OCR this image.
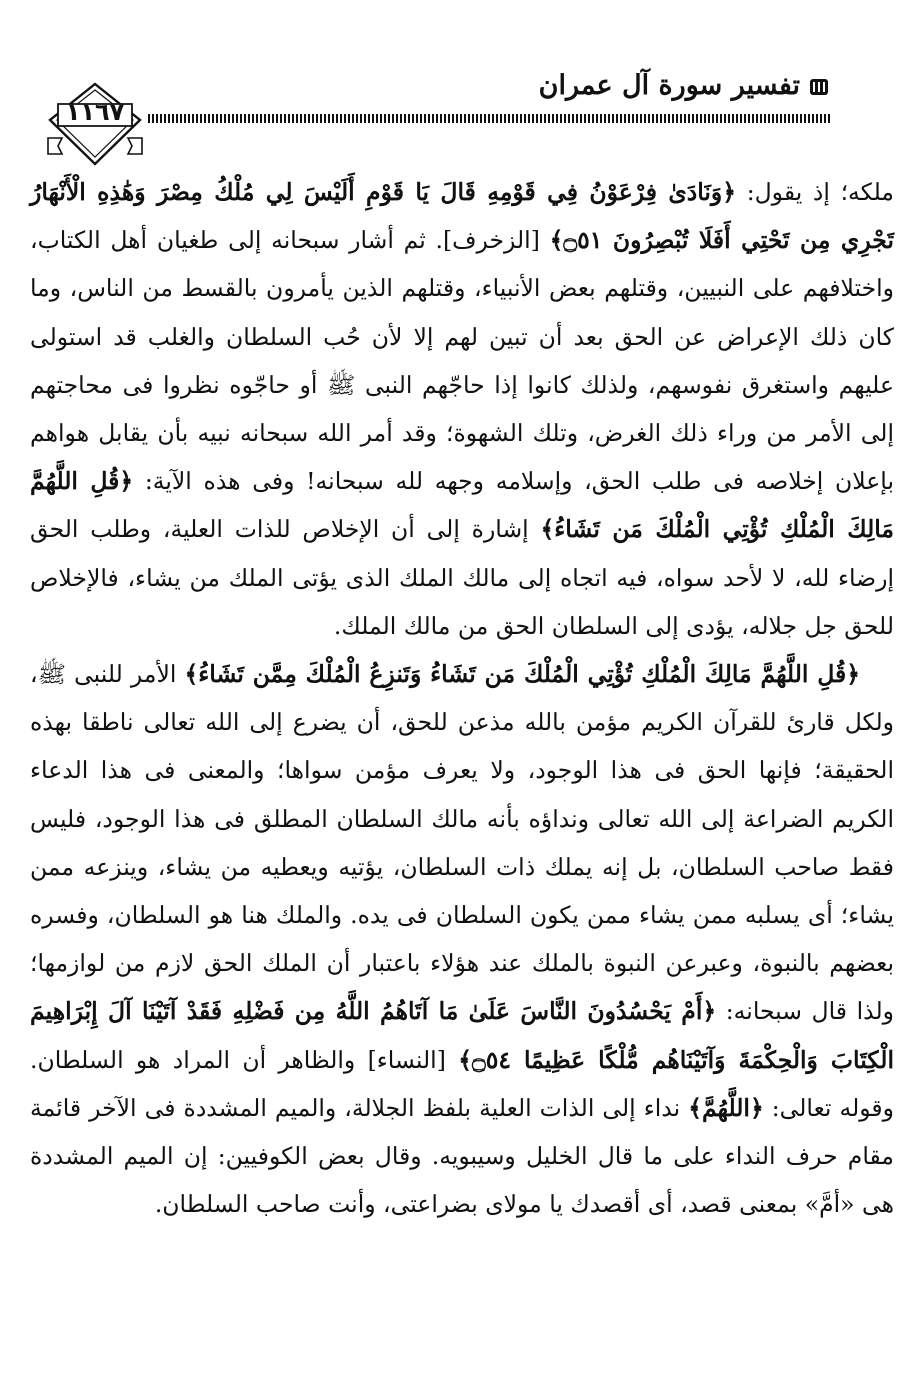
١١٦٧
تفسير سورة آل عمران

ملكه؛ إذ يقول: ﴿وَنَادَىٰ فِرْعَوْنُ فِي قَوْمِهِ قَالَ يَا قَوْمِ أَلَيْسَ لِي مُلْكُ مِصْرَ وَهَٰذِهِ الْأَنْهَارُ تَجْرِي مِن تَحْتِي أَفَلَا تُبْصِرُونَ ۝٥١﴾ [الزخرف]. ثم أشار سبحانه إلى طغيان أهل الكتاب، واختلافهم على النبيين، وقتلهم بعض الأنبياء، وقتلهم الذين يأمرون بالقسط من الناس، وما كان ذلك الإعراض عن الحق بعد أن تبين لهم إلا لأن حُب السلطان والغلب قد استولى عليهم واستغرق نفوسهم، ولذلك كانوا إذا حاجّهم النبى ﷺ أو حاجّوه نظروا فى محاجتهم إلى الأمر من وراء ذلك الغرض، وتلك الشهوة؛ وقد أمر الله سبحانه نبيه بأن يقابل هواهم بإعلان إخلاصه فى طلب الحق، وإسلامه وجهه لله سبحانه! وفى هذه الآية: ﴿قُلِ اللَّهُمَّ مَالِكَ الْمُلْكِ تُؤْتِي الْمُلْكَ مَن تَشَاءُ﴾ إشارة إلى أن الإخلاص للذات العلية، وطلب الحق إرضاء لله، لا لأحد سواه، فيه اتجاه إلى مالك الملك الذى يؤتى الملك من يشاء، فالإخلاص للحق جل جلاله، يؤدى إلى السلطان الحق من مالك الملك.

﴿قُلِ اللَّهُمَّ مَالِكَ الْمُلْكِ تُؤْتِي الْمُلْكَ مَن تَشَاءُ وَتَنزِعُ الْمُلْكَ مِمَّن تَشَاءُ﴾ الأمر للنبى ﷺ، ولكل قارئ للقرآن الكريم مؤمن بالله مذعن للحق، أن يضرع إلى الله تعالى ناطقا بهذه الحقيقة؛ فإنها الحق فى هذا الوجود، ولا يعرف مؤمن سواها؛ والمعنى فى هذا الدعاء الكريم الضراعة إلى الله تعالى ونداؤه بأنه مالك السلطان المطلق فى هذا الوجود، فليس فقط صاحب السلطان، بل إنه يملك ذات السلطان، يؤتيه ويعطيه من يشاء، وينزعه ممن يشاء؛ أى يسلبه ممن يشاء ممن يكون السلطان فى يده. والملك هنا هو السلطان، وفسره بعضهم بالنبوة، وعبرعن النبوة بالملك عند هؤلاء باعتبار أن الملك الحق لازم من لوازمها؛ ولذا قال سبحانه: ﴿أَمْ يَحْسُدُونَ النَّاسَ عَلَىٰ مَا آتَاهُمُ اللَّهُ مِن فَضْلِهِ فَقَدْ آتَيْنَا آلَ إِبْرَاهِيمَ الْكِتَابَ وَالْحِكْمَةَ وَآتَيْنَاهُم مُّلْكًا عَظِيمًا ۝٥٤﴾ [النساء] والظاهر أن المراد هو السلطان. وقوله تعالى: ﴿اللَّهُمَّ﴾ نداء إلى الذات العلية بلفظ الجلالة، والميم المشددة فى الآخر قائمة مقام حرف النداء على ما قال الخليل وسيبويه. وقال بعض الكوفيين: إن الميم المشددة هى «أمَّ» بمعنى قصد، أى أقصدك يا مولاى بضراعتى، وأنت صاحب السلطان.
